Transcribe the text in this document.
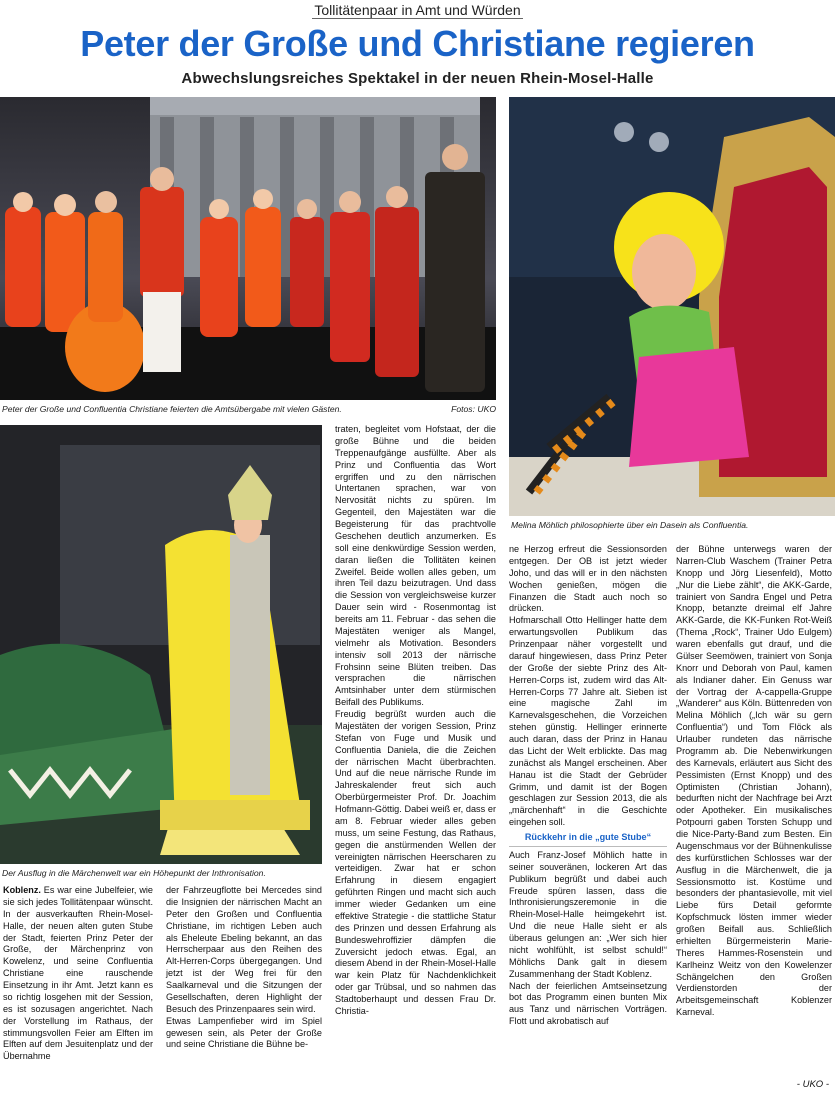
Tollitätenpaar in Amt und Würden
Peter der Große und Christiane regieren
Abwechslungsreiches Spektakel in der neuen Rhein-Mosel-Halle
Peter der Große und Confluentia Christiane feierten die Amtsübergabe mit vielen Gästen.	Fotos: UKO
Melina Möhlich philosophierte über ein Dasein als Confluentia.
Der Ausflug in die Märchenwelt war ein Höhepunkt der Inthronisation.

Koblenz. Es war eine Jubelfeier, wie sie sich jedes Tollitätenpaar wünscht. In der ausverkauften Rhein-Mosel-Halle, der neuen alten guten Stube der Stadt, feierten Prinz Peter der Große, der Märchenprinz von Kowelenz, und seine Confluentia Christiane eine rauschende Einsetzung in ihr Amt. Jetzt kann es so richtig losgehen mit der Session, es ist sozusagen angerichtet. Nach der Vorstellung im Rathaus, der stimmungsvollen Feier am Elften im Elften auf dem Jesuitenplatz und der Übernahme

der Fahrzeugflotte bei Mercedes sind die Insignien der närrischen Macht an Peter den Großen und Confluentia Christiane, im richtigen Leben auch als Eheleute Ebeling bekannt, an das Herrscherpaar aus den Reihen des Alt-Herren-Corps übergegangen. Und jetzt ist der Weg frei für den Saalkarneval und die Sitzungen der Gesellschaften, deren Highlight der Besuch des Prinzenpaares sein wird.

Etwas Lampenfieber wird im Spiel gewesen sein, als Peter der Große und seine Christiane die Bühne be-

traten, begleitet vom Hofstaat, der die große Bühne und die beiden Treppenaufgänge ausfüllte. Aber als Prinz und Confluentia das Wort ergriffen und zu den närrischen Untertanen sprachen, war von Nervosität nichts zu spüren. Im Gegenteil, den Majestäten war die Begeisterung für das prachtvolle Geschehen deutlich anzumerken. Es soll eine denkwürdige Session werden, daran ließen die Tollitäten keinen Zweifel. Beide wollen alles geben, um ihren Teil dazu beizutragen. Und dass die Session von vergleichsweise kurzer Dauer sein wird - Rosenmontag ist bereits am 11. Februar - das sehen die Majestäten weniger als Mangel, vielmehr als Motivation. Besonders intensiv soll 2013 der närrische Frohsinn seine Blüten treiben. Das versprachen die närrischen Amtsinhaber unter dem stürmischen Beifall des Publikums.

Freudig begrüßt wurden auch die Majestäten der vorigen Session, Prinz Stefan von Fuge und Musik und Confluentia Daniela, die die Zeichen der närrischen Macht überbrachten. Und auf die neue närrische Runde im Jahreskalender freut sich auch Oberbürgermeister Prof. Dr. Joachim Hofmann-Göttig. Dabei weiß er, dass er am 8. Februar wieder alles geben muss, um seine Festung, das Rathaus, gegen die anstürmenden Wellen der vereinigten närrischen Heerscharen zu verteidigen. Zwar hat er schon Erfahrung in diesem engagiert geführten Ringen und macht sich auch immer wieder Gedanken um eine effektive Strategie - die stattliche Statur des Prinzen und dessen Erfahrung als Bundeswehroffizier dämpfen die Zuversicht jedoch etwas. Egal, an diesem Abend in der Rhein-Mosel-Halle war kein Platz für Nachdenklichkeit oder gar Trübsal, und so nahmen das Stadtoberhaupt und dessen Frau Dr. Christia-

ne Herzog erfreut die Sessionsorden entgegen. Der OB ist jetzt wieder Joho, und das will er in den nächsten Wochen genießen, mögen die Finanzen die Stadt auch noch so drücken.

Hofmarschall Otto Hellinger hatte dem erwartungsvollen Publikum das Prinzenpaar näher vorgestellt und darauf hingewiesen, dass Prinz Peter der Große der siebte Prinz des Alt-Herren-Corps ist, zudem wird das Alt-Herren-Corps 77 Jahre alt. Sieben ist eine magische Zahl im Karnevalsgeschehen, die Vorzeichen stehen günstig. Hellinger erinnerte auch daran, dass der Prinz in Hanau das Licht der Welt erblickte. Das mag zunächst als Mangel erscheinen. Aber Hanau ist die Stadt der Gebrüder Grimm, und damit ist der Bogen geschlagen zur Session 2013, die als „märchenhaft“ in die Geschichte eingehen soll.

Rückkehr in die „gute Stube“

Auch Franz-Josef Möhlich hatte in seiner souveränen, lockeren Art das Publikum begrüßt und dabei auch Freude spüren lassen, dass die Inthronisierungszeremonie in die Rhein-Mosel-Halle heimgekehrt ist. Und die neue Halle sieht er als überaus gelungen an: „Wer sich hier nicht wohlfühlt, ist selbst schuld!“ Möhlichs Dank galt in diesem Zusammenhang der Stadt Koblenz.

Nach der feierlichen Amtseinsetzung bot das Programm einen bunten Mix aus Tanz und närrischen Vorträgen. Flott und akrobatisch auf

der Bühne unterwegs waren der Narren-Club Waschem (Trainer Petra Knopp und Jörg Liesenfeld), Motto „Nur die Liebe zählt“, die AKK-Garde, trainiert von Sandra Engel und Petra Knopp, betanzte dreimal elf Jahre AKK-Garde, die KK-Funken Rot-Weiß (Thema „Rock“, Trainer Udo Eulgem) waren ebenfalls gut drauf, und die Gülser Seemöwen, trainiert von Sonja Knorr und Deborah von Paul, kamen als Indianer daher. Ein Genuss war der Vortrag der A-cappella-Gruppe „Wanderer“ aus Köln. Büttenreden von Melina Möhlich („Ich wär su gern Confluentia“) und Tom Flöck als Urlauber rundeten das närrische Programm ab. Die Nebenwirkungen des Karnevals, erläutert aus Sicht des Pessimisten (Ernst Knopp) und des Optimisten (Christian Johann), bedurften nicht der Nachfrage bei Arzt oder Apotheker. Ein musikalisches Potpourri gaben Torsten Schupp und die Nice-Party-Band zum Besten. Ein Augenschmaus vor der Bühnenkulisse des kurfürstlichen Schlosses war der Ausflug in die Märchenwelt, die ja Sessionsmotto ist. Kostüme und besonders der phantasievolle, mit viel Liebe fürs Detail geformte Kopfschmuck lösten immer wieder großen Beifall aus. Schließlich erhielten Bürgermeisterin Marie-Theres Hammes-Rosenstein und Karlheinz Weitz von den Kowelenzer Schängelchen den Großen Verdienstorden der Arbeitsgemeinschaft Koblenzer Karneval.

- UKO -
